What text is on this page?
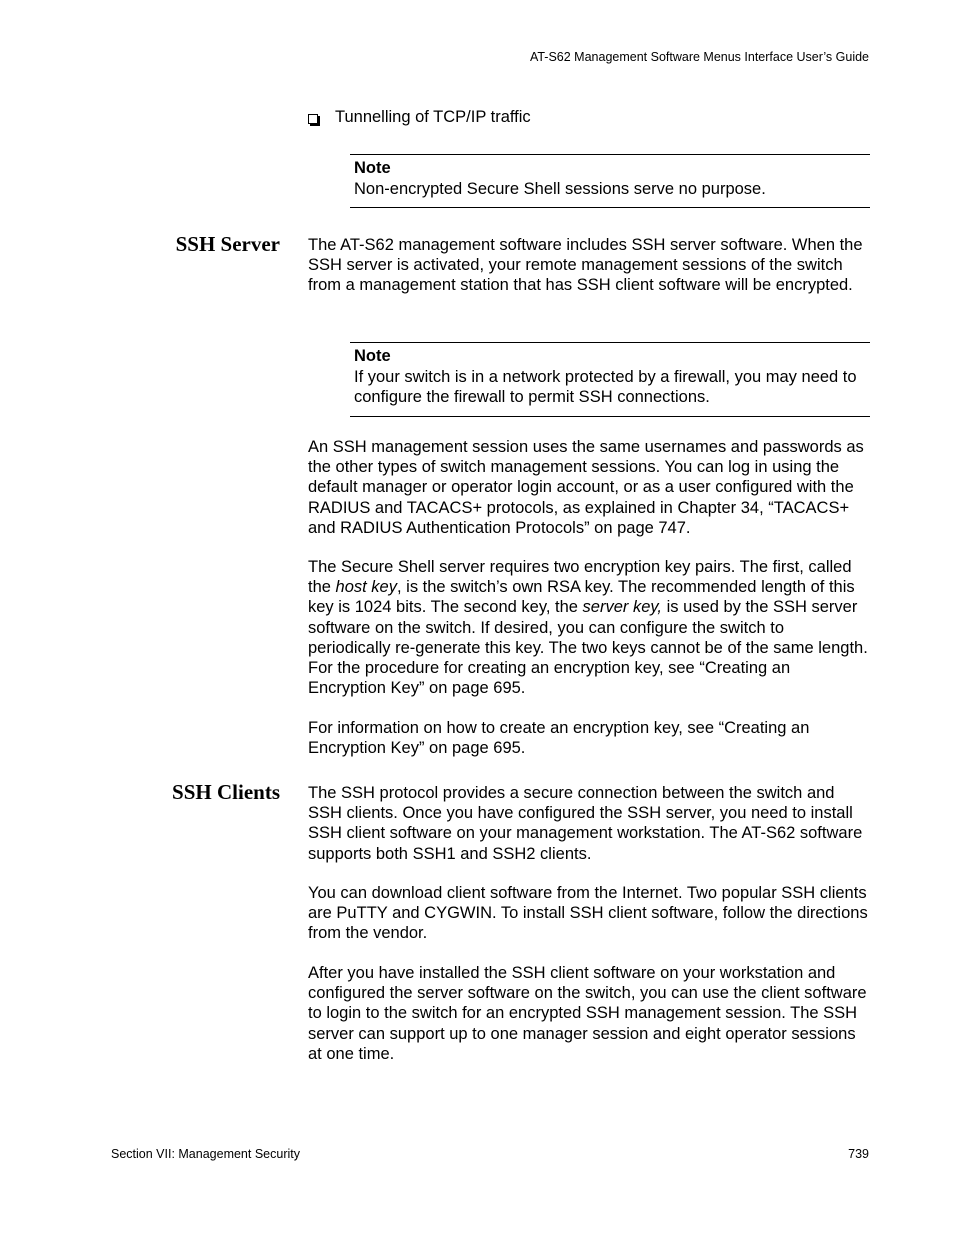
AT-S62 Management Software Menus Interface User’s Guide
Tunnelling of TCP/IP traffic
Note
Non-encrypted Secure Shell sessions serve no purpose.
SSH Server The AT-S62 management software includes SSH server software. When the SSH server is activated, your remote management sessions of the switch from a management station that has SSH client software will be encrypted.

Note
If your switch is in a network protected by a firewall, you may need to configure the firewall to permit SSH connections.

An SSH management session uses the same usernames and passwords as the other types of switch management sessions. You can log in using the default manager or operator login account, or as a user configured with the RADIUS and TACACS+ protocols, as explained in Chapter 34, “TACACS+ and RADIUS Authentication Protocols” on page 747.

The Secure Shell server requires two encryption key pairs. The first, called the host key, is the switch’s own RSA key. The recommended length of this key is 1024 bits. The second key, the server key, is used by the SSH server software on the switch. If desired, you can configure the switch to periodically re-generate this key. The two keys cannot be of the same length. For the procedure for creating an encryption key, see “Creating an Encryption Key” on page 695.

For information on how to create an encryption key, see “Creating an Encryption Key” on page 695.

SSH Clients The SSH protocol provides a secure connection between the switch and SSH clients. Once you have configured the SSH server, you need to install SSH client software on your management workstation. The AT-S62 software supports both SSH1 and SSH2 clients.

You can download client software from the Internet. Two popular SSH clients are PuTTY and CYGWIN. To install SSH client software, follow the directions from the vendor.

After you have installed the SSH client software on your workstation and configured the server software on the switch, you can use the client software to login to the switch for an encrypted SSH management session. The SSH server can support up to one manager session and eight operator sessions at one time.

Section VII: Management Security	739
